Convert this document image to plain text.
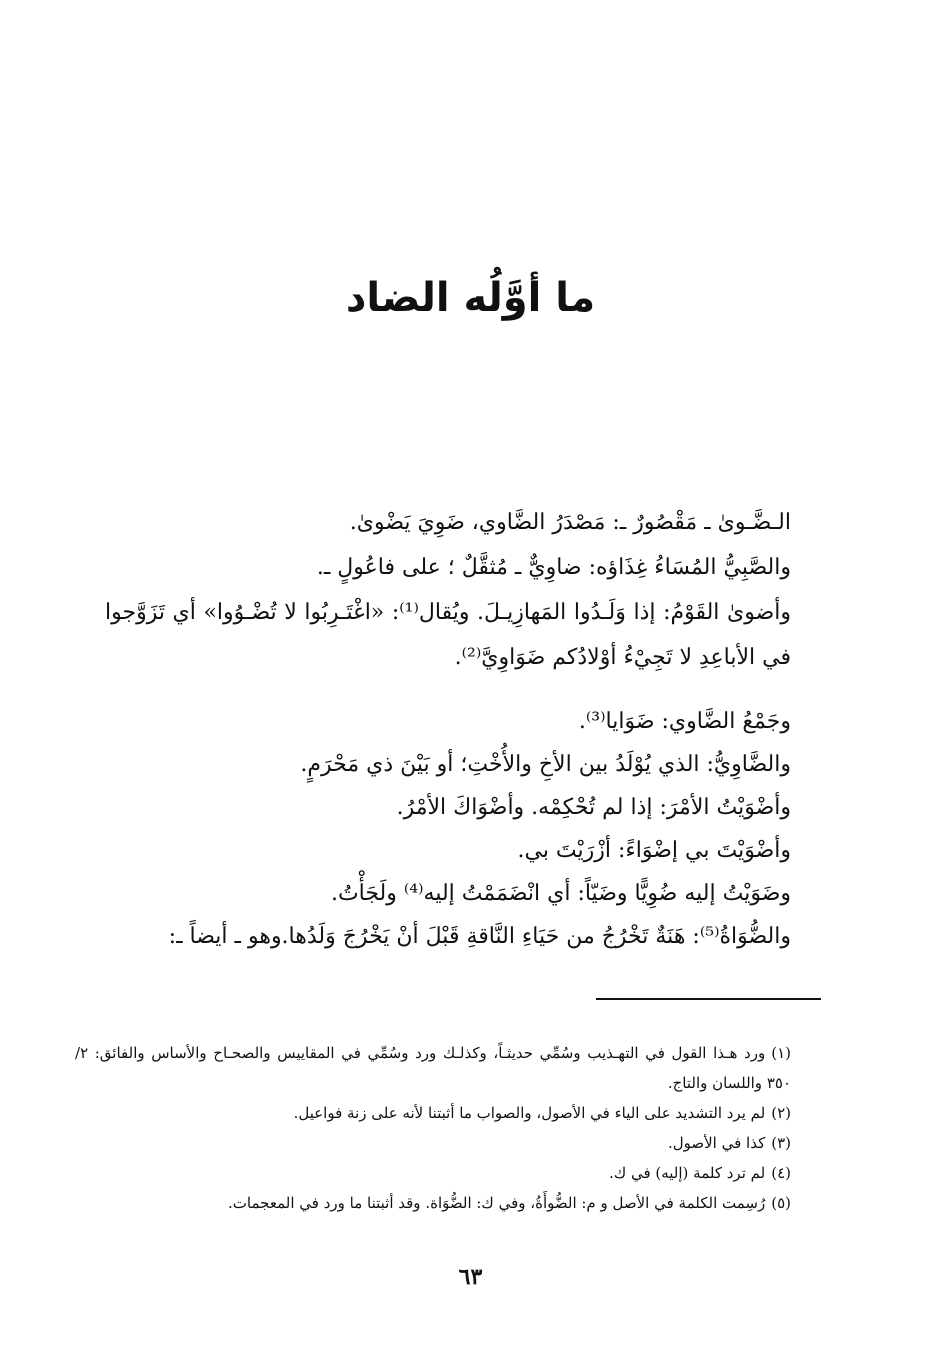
ما أوَّلُه الضاد

الـضَّـوىٰ ـ مَقْصُورٌ ـ: مَصْدَرُ الضَّاوي، ضَوِيَ يَضْوىٰ.

والصَّبِيُّ المُسَاءُ غِذَاؤه: ضاوِيٌّ ـ مُثقَّلٌ ؛ على فاعُولٍ ـ.

وأضوىٰ القَوْمُ: إذا وَلَـدُوا المَهازِيـلَ. ويُقال⁽¹⁾: «اغْتَـرِبُوا لا تُضْـوُوا» أي تَزَوَّجوا في الأباعِدِ لا تَجِيْءُ أوْلادُكم ضَوَاوِيَّ⁽²⁾.

وجَمْعُ الضَّاوي: ضَوَايا⁽³⁾.

والضَّاوِيُّ: الذي يُوْلَدُ بين الأخِ والأُخْتِ؛ أو بَيْنَ ذي مَحْرَمٍ.

وأضْوَيْتُ الأمْرَ: إذا لم تُحْكِمْه. وأضْوَاكَ الأمْرُ.

وأضْوَيْتَ بي إضْوَاءً: أزْرَيْتَ بي.

وضَوَيْتُ إليه ضُوِيًّا وضَيّاً: أي انْضَمَمْتُ إليه⁽⁴⁾ ولَجَأْتُ.

والضُّوَاةُ⁽⁵⁾: هَنَةٌ تَخْرُجُ من حَيَاءِ النَّاقةِ قَبْلَ أنْ يَخْرُجَ وَلَدُها.وهو ـ أيضاً ـ:

(١)ورد هـذا القول في التهـذيب وسُمِّي حديثـاً، وكذلـك ورد وسُمِّي في المقاييس والصحـاح والأساس والفائق: ٢/ ٣٥٠ واللسان والتاج.

(٢)لم يرد التشديد على الياء في الأصول، والصواب ما أثبتنا لأنه على زنة فواعيل.

(٣)كذا في الأصول.

(٤)لم ترد كلمة (إليه) في ك.

(٥)رُسِمت الكلمة في الأصل و م: الضُّوأَةُ، وفي ك: الضُّوَاة. وقد أثبتنا ما ورد في المعجمات.

٦٣
